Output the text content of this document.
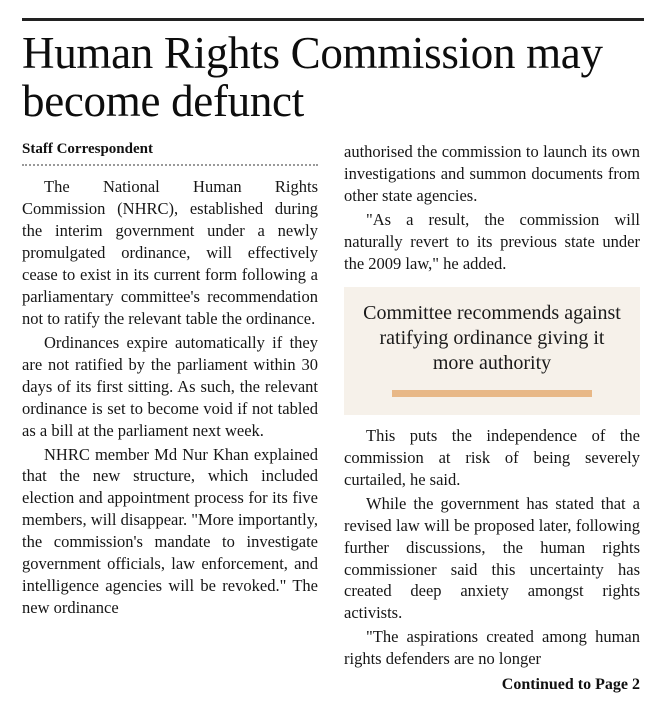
Human Rights Commission may become defunct
Staff Correspondent

The National Human Rights Commission (NHRC), established during the interim government under a newly promulgated ordinance, will effectively cease to exist in its current form following a parliamentary committee's recommendation not to ratify the relevant table the ordinance.

Ordinances expire automatically if they are not ratified by the parliament within 30 days of its first sitting. As such, the relevant ordinance is set to become void if not tabled as a bill at the parliament next week.

NHRC member Md Nur Khan explained that the new structure, which included election and appointment process for its five members, will disappear. "More importantly, the commission's mandate to investigate government officials, law enforcement, and intelligence agencies will be revoked." The new ordinance

authorised the commission to launch its own investigations and summon documents from other state agencies.

"As a result, the commission will naturally revert to its previous state under the 2009 law," he added.

Committee recommends against ratifying ordinance giving it more authority

This puts the independence of the commission at risk of being severely curtailed, he said.

While the government has stated that a revised law will be proposed later, following further discussions, the human rights commissioner said this uncertainty has created deep anxiety amongst rights activists.

"The aspirations created among human rights defenders are no longer

Continued to Page 2
